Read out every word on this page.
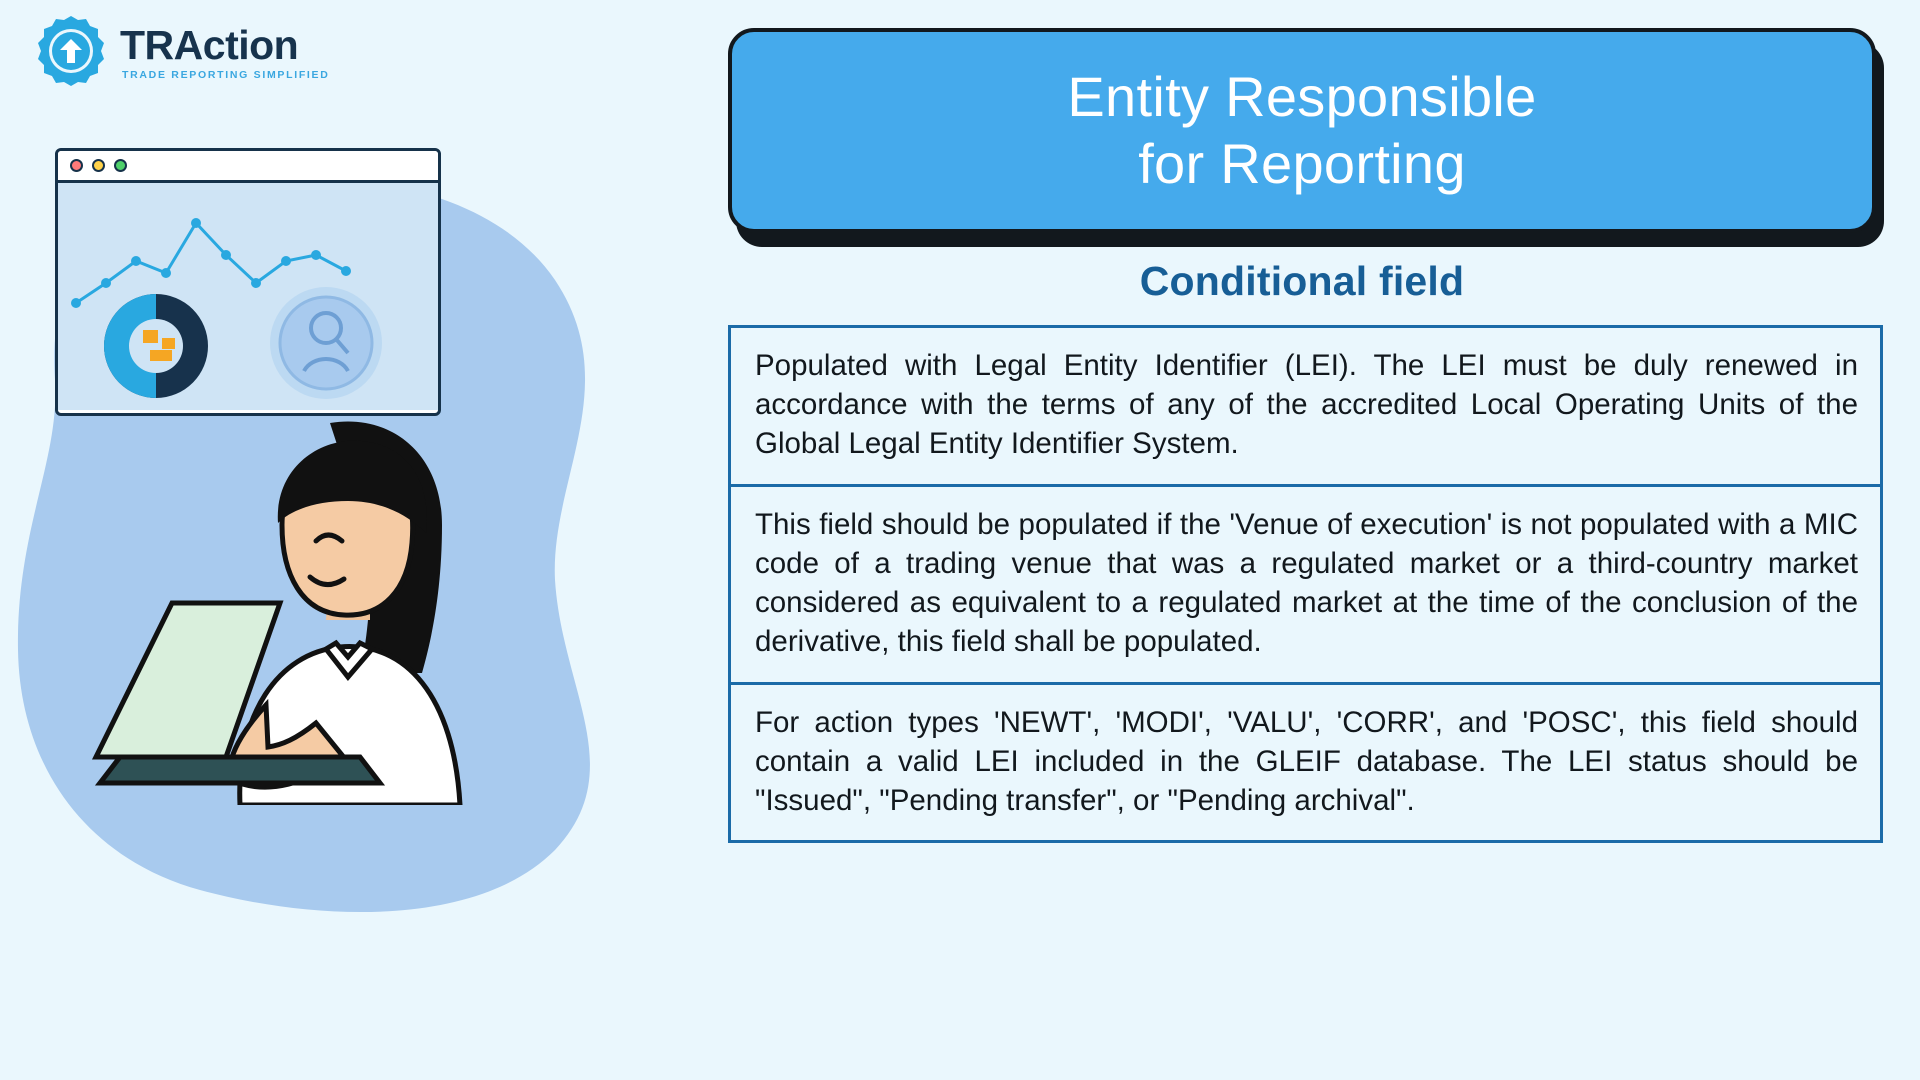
TRAction
TRADE REPORTING SIMPLIFIED	Entity Responsible
for Reporting
Conditional field

Populated with Legal Entity Identifier (LEI). The LEI must be duly renewed in accordance with the terms of any of the accredited Local Operating Units of the Global Legal Entity Identifier System.

This field should be populated if the 'Venue of execution' is not populated with a MIC code of a trading venue that was a regulated market or a third-country market considered as equivalent to a regulated market at the time of the conclusion of the derivative, this field shall be populated.

For action types 'NEWT', 'MODI', 'VALU', 'CORR', and 'POSC', this field should contain a valid LEI included in the GLEIF database. The LEI status should be "Issued", "Pending transfer", or "Pending archival".
